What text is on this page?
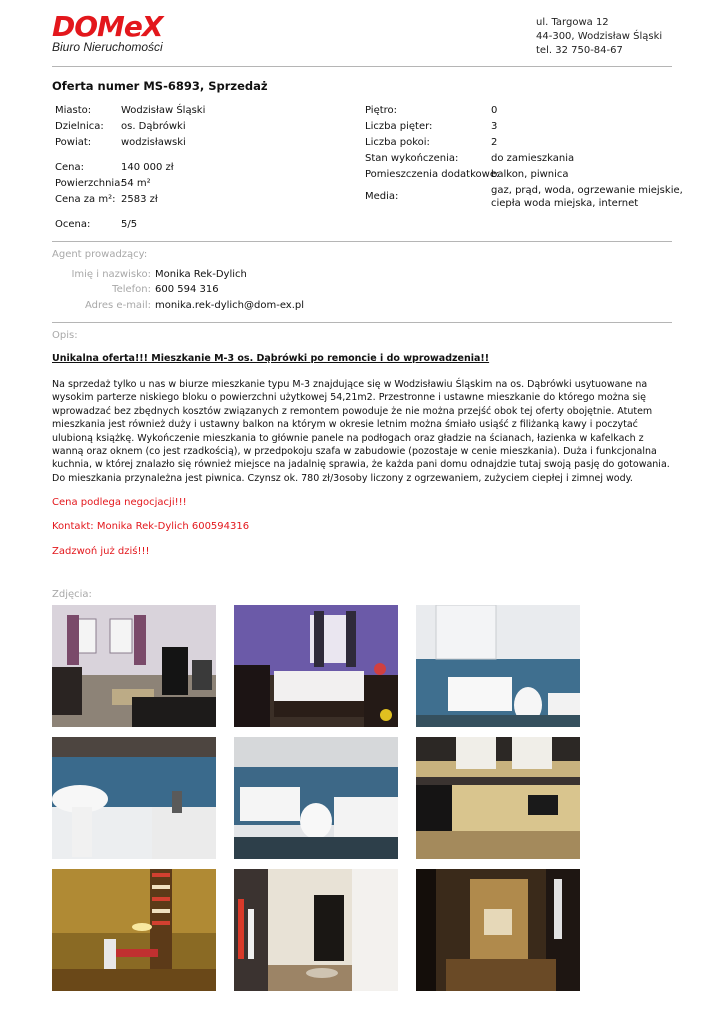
DOMeX
Biuro Nieruchomości
ul. Targowa 12
44-300, Wodzisław Śląski
tel. 32 750-84-67
Oferta numer MS-6893, Sprzedaż
Miasto:	Wodzisław Śląski
Dzielnica: os. Dąbrówki
Powiat:	wodzisławski
Cena:	140 000 zł
Powierzchnia:
54 m²
Cena za m²: 2583 zł
Ocena:	5/5
Piętro:	0
Liczba pięter:	3
Liczba pokoi:	2
Stan wykończenia:	do zamieszkania
Pomieszczenia dodatkowe:
balkon, piwnica
Media:
gaz, prąd, woda, ogrzewanie miejskie,
ciepła woda miejska, internet
Agent prowadzący:
Imię i nazwisko: Monika Rek-Dylich
Telefon: 600 594 316
Adres e-mail: monika.rek-dylich@dom-ex.pl
Opis:
Unikalna oferta!!! Mieszkanie M-3 os. Dąbrówki po remoncie i do wprowadzenia!!
Na sprzedaż tylko u nas w biurze mieszkanie typu M-3 znajdujące się w Wodzisławiu Śląskim na os. Dąbrówki usytuowane na wysokim parterze niskiego bloku o powierzchni użytkowej 54,21m2. Przestronne i ustawne mieszkanie do którego można się wprowadzać bez zbędnych kosztów związanych z remontem powoduje że nie można przejść obok tej oferty obojętnie. Atutem mieszkania jest również duży i ustawny balkon na którym w okresie letnim można śmiało usiąść z filiżanką kawy i poczytać ulubioną książkę. Wykończenie mieszkania to głównie panele na podłogach oraz gładzie na ścianach, łazienka w kafelkach z wanną oraz oknem (co jest rzadkością), w przedpokoju szafa w zabudowie (pozostaje w cenie mieszkania). Duża i funkcjonalna kuchnia, w której znalazło się również miejsce na jadalnię sprawia, że każda pani domu odnajdzie tutaj swoją pasję do gotowania. Do mieszkania przynależna jest piwnica. Czynsz ok. 780 zł/3osoby liczony z ogrzewaniem, zużyciem ciepłej i zimnej wody.
Cena podlega negocjacji!!!
Kontakt: Monika Rek-Dylich 600594316
Zadzwoń już dziś!!!
Zdjęcia:
